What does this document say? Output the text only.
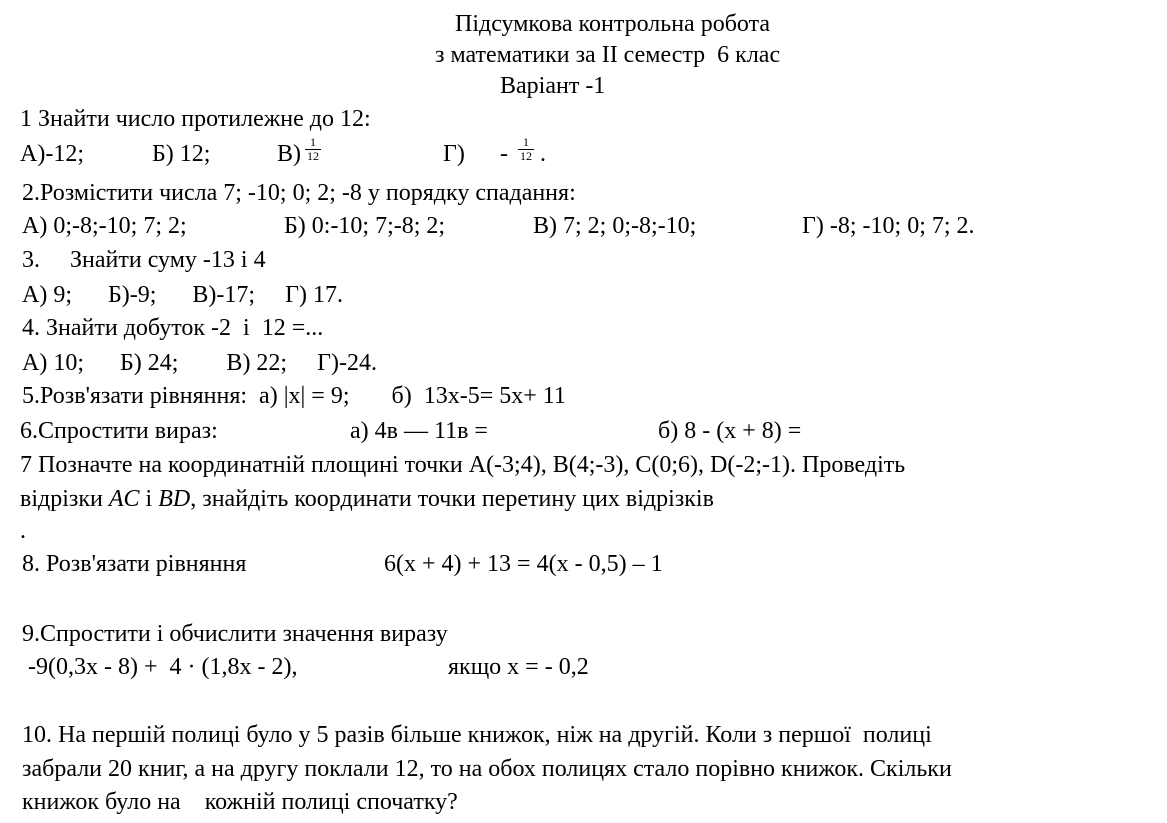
Підсумкова контрольна робота
з математики за ІІ семестр  6 клас
Варіант -1
1 Знайти число протилежне до 12:
А)-12;	Б) 12;	В) 1
12	Г) -	1
12 .
2.Розмістити числа 7; -10; 0; 2; -8 у порядку спадання:
А) 0;-8;-10; 7; 2;	Б) 0:-10; 7;-8; 2;	В) 7; 2; 0;-8;-10;	Г) -8; -10; 0; 7; 2.
3.     Знайти суму -13 і 4
А) 9;      Б)-9;      В)-17;     Г) 17.
4. Знайти добуток -2  і  12 =...
А) 10;      Б) 24;        В) 22;     Г)-24.
5.Розв'язати рівняння:  а) |х| = 9;       б)  13х-5= 5х+ 11
6.Спростити вираз:	а) 4в — 11в =	б) 8 - (х + 8) =
7 Позначте на координатній площині точки A(-3;4), B(4;-3), C(0;6), D(-2;-1). Проведіть
відрізки AC і BD, знайдіть координати точки перетину цих відрізків
.
8. Розв'язати рівняння	6(х + 4) + 13 = 4(х - 0,5) – 1
9.Спростити і обчислити значення виразу
-9(0,3х - 8) +  4 · (1,8х - 2),	якщо х = - 0,2
10. На першій полиці було у 5 разів більше книжок, ніж на другій. Коли з першої  полиці
забрали 20 книг, а на другу поклали 12, то на обох полицях стало порівно книжок. Скільки
книжок було на    кожній полиці спочатку?
